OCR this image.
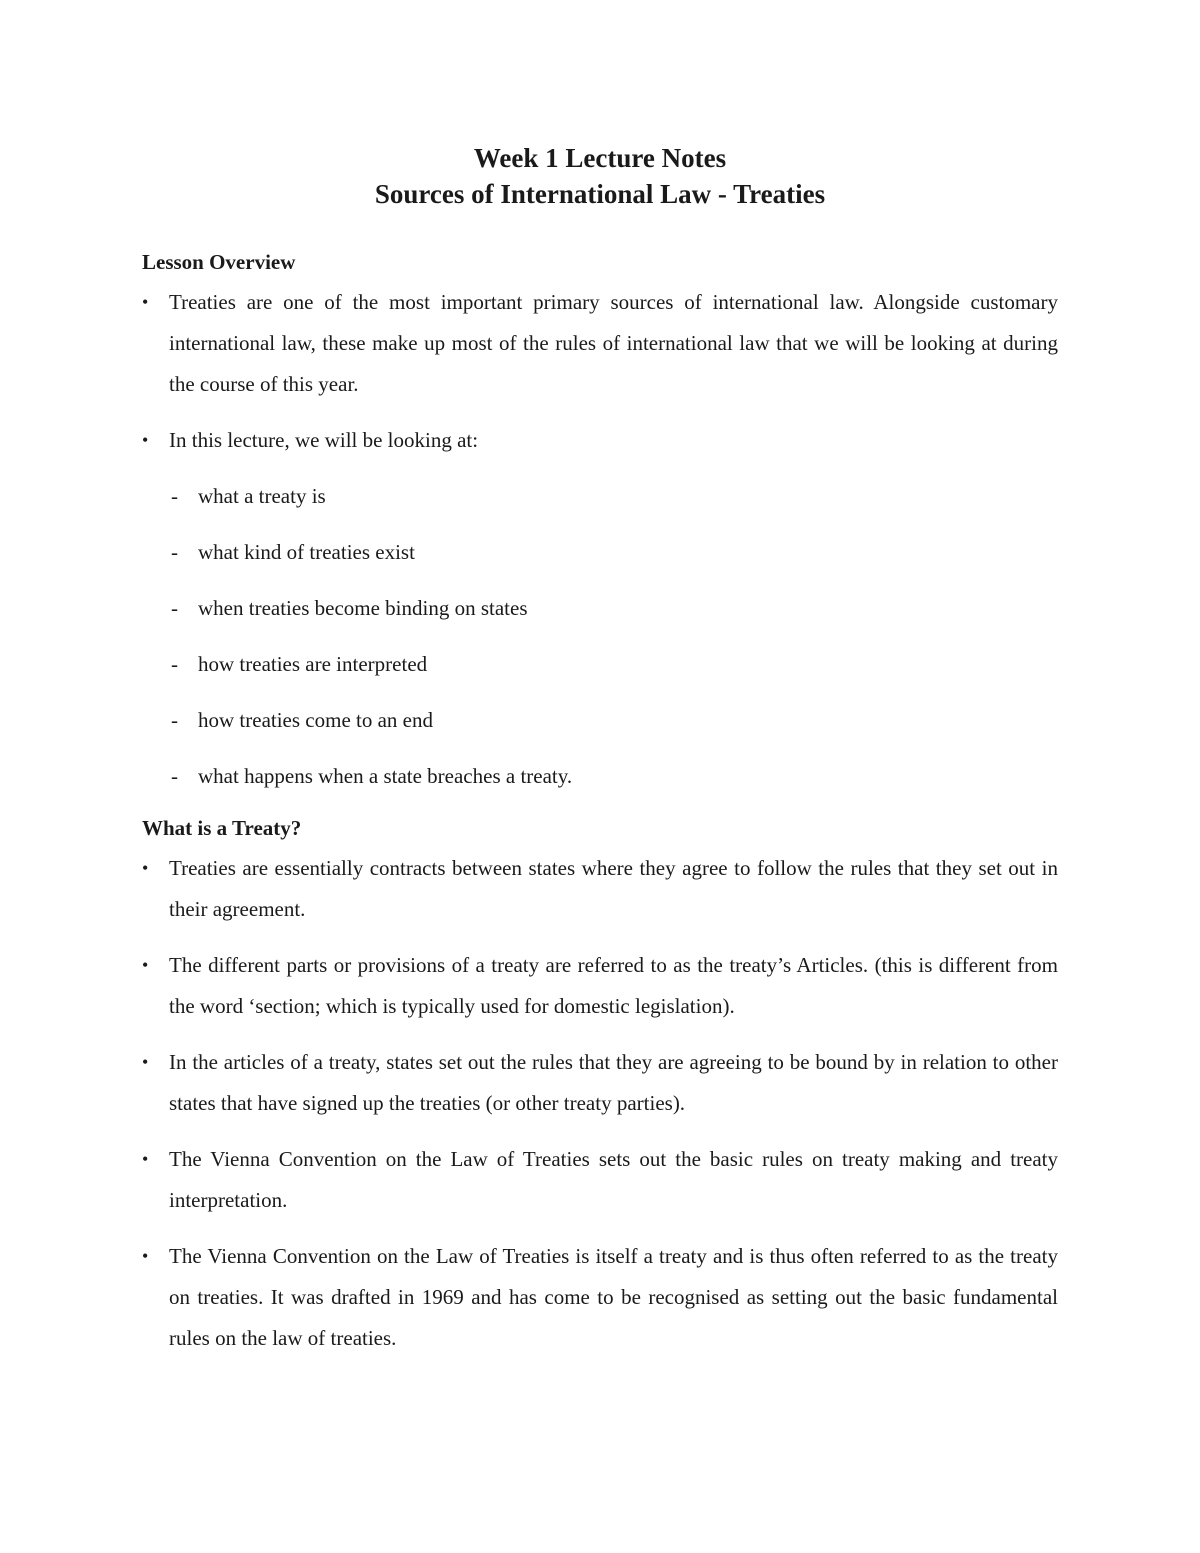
Week 1 Lecture Notes
Sources of International Law - Treaties
Lesson Overview
• Treaties are one of the most important primary sources of international law. Alongside customary international law, these make up most of the rules of international law that we will be looking at during the course of this year.
• In this lecture, we will be looking at:
- what a treaty is
- what kind of treaties exist
- when treaties become binding on states
- how treaties are interpreted
- how treaties come to an end
- what happens when a state breaches a treaty.
What is a Treaty?
• Treaties are essentially contracts between states where they agree to follow the rules that they set out in their agreement.
• The different parts or provisions of a treaty are referred to as the treaty’s Articles. (this is different from the word ‘section; which is typically used for domestic legislation).
• In the articles of a treaty, states set out the rules that they are agreeing to be bound by in relation to other states that have signed up the treaties (or other treaty parties).
• The Vienna Convention on the Law of Treaties sets out the basic rules on treaty making and treaty interpretation.
• The Vienna Convention on the Law of Treaties is itself a treaty and is thus often referred to as the treaty on treaties. It was drafted in 1969 and has come to be recognised as setting out the basic fundamental rules on the law of treaties.
